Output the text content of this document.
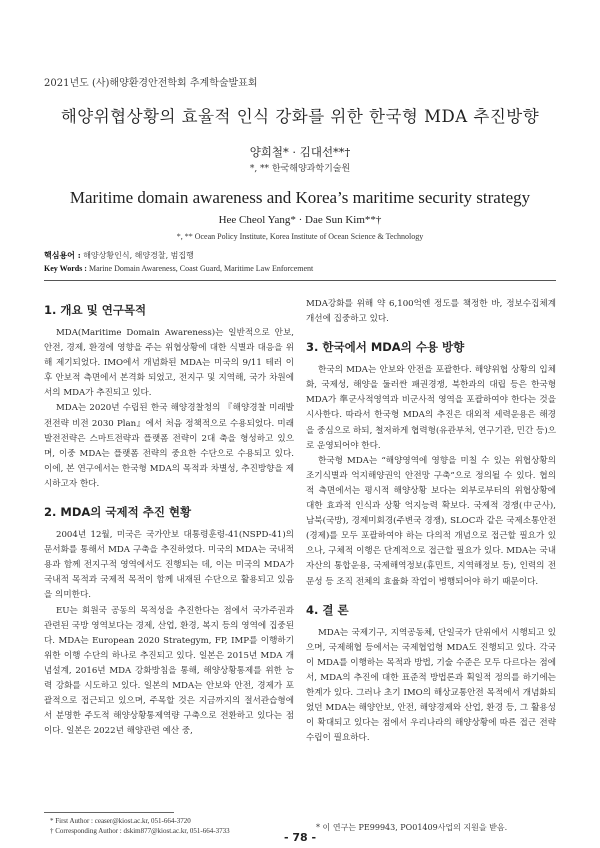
2021년도 (사)해양환경안전학회 추계학술발표회
해양위협상황의 효율적 인식 강화를 위한 한국형 MDA 추진방향
양희철* · 김대선**†
*, ** 한국해양과학기술원
Maritime domain awareness and Korea’s maritime security strategy
Hee Cheol Yang* · Dae Sun Kim**†
*, ** Ocean Policy Institute, Korea Institute of Ocean Science & Technology
핵심용어 : 해양상황인식, 해양경찰, 범집행
Key Words : Marine Domain Awareness, Coast Guard, Maritime Law Enforcement
1. 개요 및 연구목적

MDA(Maritime Domain Awareness)는 일반적으로 안보, 안전, 경제, 환경에 영향을 주는 위협상황에 대한 식별과 대응을 위해 제기되었다. IMO에서 개념화된 MDA는 미국의 9/11 테러 이후 안보적 측면에서 본격화 되었고, 전지구 및 지역해, 국가 차원에서의 MDA가 추진되고 있다.

MDA는 2020년 수립된 한국 해양경찰청의 『해양경찰 미래발전전략 비전 2030 Plan』에서 처음 정책적으로 수용되었다. 미래발전전략은 스마트전략과 플랫폼 전략이 2대 축을 형성하고 있으며, 이중 MDA는 플랫폼 전략의 중요한 수단으로 수용되고 있다. 이에, 본 연구에서는 한국형 MDA의 목적과 차별성, 추진방향을 제시하고자 한다.

2. MDA의 국제적 추진 현황

2004년 12월, 미국은 국가안보 대통령훈령-41(NSPD-41)의 문서화를 통해서 MDA 구축을 추진하였다. 미국의 MDA는 국내적용과 함께 전지구적 영역에서도 진행되는 데, 이는 미국의 MDA가 국내적 목적과 국제적 목적이 함께 내재된 수단으로 활용되고 있음을 의미한다.

EU는 회원국 공동의 목적성을 추진한다는 점에서 국가주권과 관련된 국방 영역보다는 경제, 산업, 환경, 복지 등의 영역에 집중된다. MDA는 European 2020 Strategym, FP, IMP를 이행하기 위한 이행 수단의 하나로 추진되고 있다. 일본은 2015년 MDA 개념설계, 2016년 MDA 강화방침을 통해, 해양상황통제를 위한 능력 강화를 시도하고 있다. 일본의 MDA는 안보와 안전, 경제가 포괄적으로 접근되고 있으며, 주목할 것은 지금까지의 절서관습형에서 분명한 주도적 해양상황통제역량 구축으로 전환하고 있다는 점이다. 일본은 2022년 해양관련 예산 중,

MDA강화를 위해 약 6,100억엔 정도를 책정한 바, 정보수집체계 개선에 집중하고 있다.

3. 한국에서 MDA의 수용 방향

한국의 MDA는 안보와 안전을 포괄한다. 해양위협 상황의 입체화, 국제성, 해양을 둘러싼 패권경쟁, 북한과의 대립 등은 한국형 MDA가 準군사적영역과 비군사적 영역을 포괄하여야 한다는 것을 시사한다. 따라서 한국형 MDA의 추진은 대외적 세력운용은 해경을 중심으로 하되, 철저하게 협력형(유관부처, 연구기관, 민간 등)으로 운영되어야 한다.

한국형 MDA는 “해양영역에 영향을 미칠 수 있는 위협상황의 조기식별과 억지해양권익 안전망 구축”으로 정의될 수 있다. 협의적 측면에서는 평시적 해양상황 보다는 외부로부터의 위협상황에 대한 효과적 인식과 상황 억지능력 확보다. 국제적 경쟁(中군사), 남북(국방), 경제미회경(주변국 경쟁), SLOC과 같은 국제소통안전(경제)를 모두 포괄하여야 하는 다의적 개념으로 접근할 필요가 있으나, 구체적 이행은 단계적으로 접근할 필요가 있다. MDA는 국내자산의 통합운용, 국제해역정보(휴민트, 지역해정보 등), 인력의 전문성 등 조직 전체의 효율화 작업이 병행되어야 하기 때문이다.

4. 결 론

MDA는 국제기구, 지역공동체, 단일국가 단위에서 시행되고 있으며, 국제해협 등에서는 국제협업형 MDA도 진행되고 있다. 각국이 MDA를 이행하는 목적과 방법, 기술 수준은 모두 다르다는 점에서, MDA의 추진에 대한 표준적 방법론과 획일적 정의를 하기에는 한계가 있다. 그러나 초기 IMO의 해상교통안전 목적에서 개념화되었던 MDA는 해양안보, 안전, 해양경제와 산업, 환경 등, 그 활용성이 확대되고 있다는 점에서 우리나라의 해양상황에 따른 접근 전략 수립이 필요하다.

* First Author : ceaser@kiost.ac.kr, 051-664-3720
† Corresponding Author : dskim877@kiost.ac.kr, 051-664-3733	* 이 연구는 PE99943, PO01409사업의 지원을 받음.
- 78 -
